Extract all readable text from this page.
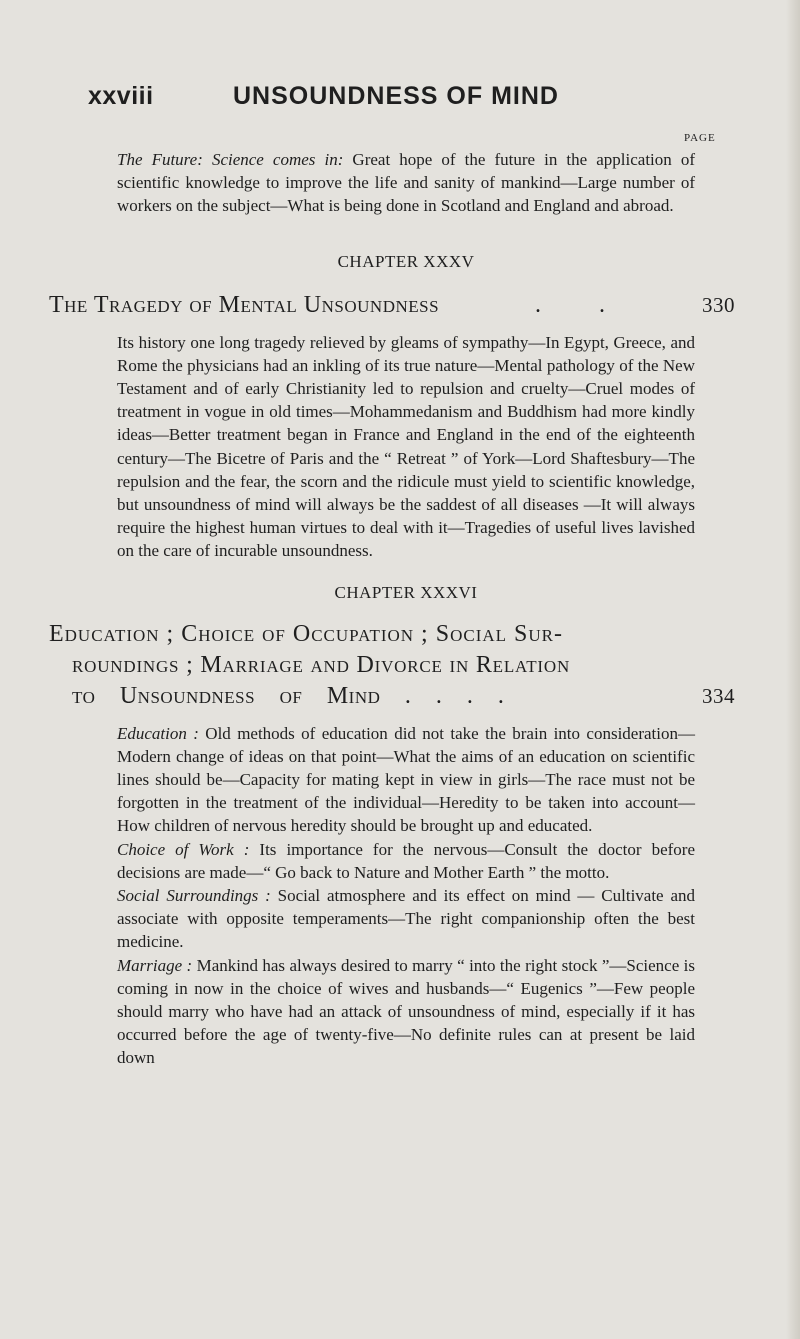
xxviii	UNSOUNDNESS OF MIND
PAGE

The Future: Science comes in: Great hope of the future in the application of scientific knowledge to improve the life and sanity of mankind—Large number of workers on the subject—What is being done in Scotland and England and abroad.

CHAPTER XXXV

The Tragedy of Mental Unsoundness	. .	330

Its history one long tragedy relieved by gleams of sympathy—In Egypt, Greece, and Rome the physicians had an inkling of its true nature—Mental pathology of the New Testament and of early Christianity led to repulsion and cruelty—Cruel modes of treatment in vogue in old times—Mohammedanism and Buddhism had more kindly ideas—Better treatment began in France and England in the end of the eighteenth century—The Bicetre of Paris and the “ Retreat ” of York—Lord Shaftesbury—The repulsion and the fear, the scorn and the ridicule must yield to scientific knowledge, but unsoundness of mind will always be the saddest of all diseases —It will always require the highest human virtues to deal with it—Tragedies of useful lives lavished on the care of incurable unsoundness.

CHAPTER XXXVI

Education ; Choice of Occupation ; Social Sur-
roundings ; Marriage and Divorce in Relation
to Unsoundness of Mind . . . .	334

Education : Old methods of education did not take the brain into consideration—Modern change of ideas on that point—What the aims of an education on scientific lines should be—Capacity for mating kept in view in girls—The race must not be forgotten in the treatment of the individual—Heredity to be taken into account—How children of nervous heredity should be brought up and educated.

Choice of Work : Its importance for the nervous—Consult the doctor before decisions are made—“ Go back to Nature and Mother Earth ” the motto.

Social Surroundings : Social atmosphere and its effect on mind — Cultivate and associate with opposite temperaments—The right companionship often the best medicine.

Marriage : Mankind has always desired to marry “ into the right stock ”—Science is coming in now in the choice of wives and husbands—“ Eugenics ”—Few people should marry who have had an attack of unsoundness of mind, especially if it has occurred before the age of twenty-five—No definite rules can at present be laid down
